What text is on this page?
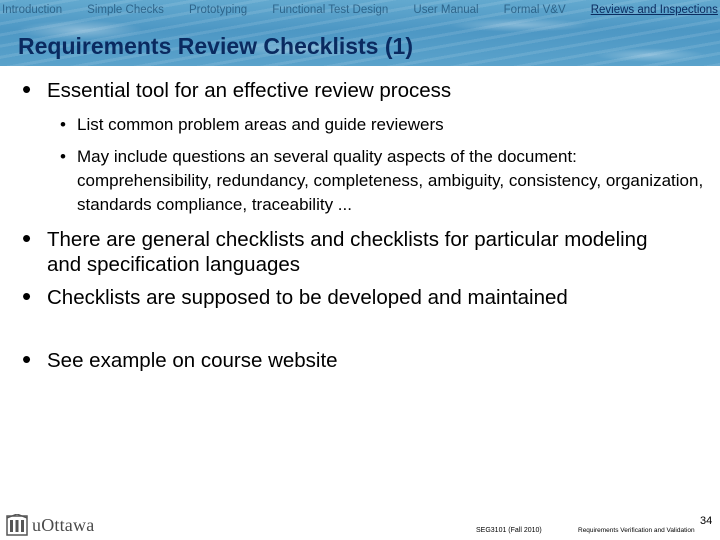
Introduction Simple Checks Prototyping Functional Test Design User Manual Formal V&V Reviews and Inspections
Requirements Review Checklists (1)
• Essential tool for an effective review process
• List common problem areas and guide reviewers
• May include questions an several quality aspects of the document: comprehensibility, redundancy, completeness, ambiguity, consistency, organization, standards compliance, traceability ...
• There are general checklists and checklists for particular modeling and specification languages
• Checklists are supposed to be developed and maintained
• See example on course website
uOttawa	SEG3101 (Fall 2010)	Requirements Verification and Validation
34
